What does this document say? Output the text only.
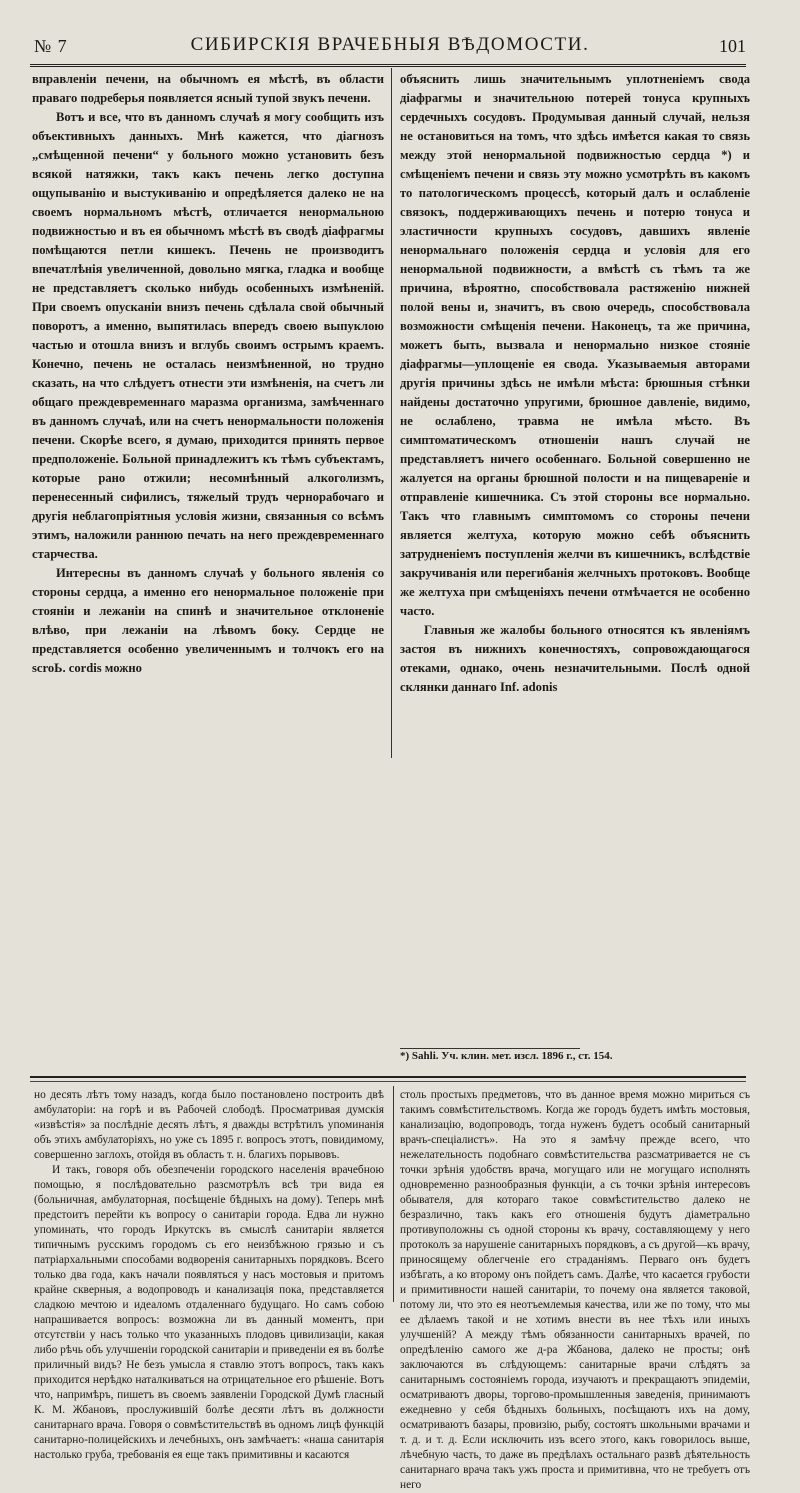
№ 7	СИБИРСКІЯ ВРАЧЕБНЫЯ ВѢДОМОСТИ.	101

вправленіи печени, на обычномъ ея мѣстѣ, въ области праваго подреберья появляется ясный тупой звукъ печени.

Вотъ и все, что въ данномъ случаѣ я могу сообщить изъ объективныхъ данныхъ. Мнѣ кажется, что діагнозъ „смѣщенной печени“ у больного можно установить безъ всякой натяжки, такъ какъ печень легко доступна ощупыванію и выстукиванію и опредѣляется далеко не на своемъ нормальномъ мѣстѣ, отличается ненормальною подвижностью и въ ея обычномъ мѣстѣ въ сводѣ діафрагмы помѣщаются петли кишекъ. Печень не производитъ впечатлѣнія увеличенной, довольно мягка, гладка и вообще не представляетъ сколько нибудь особенныхъ измѣненій. При своемъ опусканіи внизъ печень сдѣлала свой обычный поворотъ, а именно, выпятилась впередъ своею выпуклою частью и отошла внизъ и вглубь своимъ острымъ краемъ. Конечно, печень не осталась неизмѣненной, но трудно сказать, на что слѣдуетъ отнести эти измѣненія, на счетъ ли общаго преждевременнаго маразма организма, замѣченнаго въ данномъ случаѣ, или на счетъ ненормальности положенія печени. Скорѣе всего, я думаю, приходится принять первое предположеніе. Больной принадлежитъ къ тѣмъ субъектамъ, которые рано отжили; несомнѣнный алкоголизмъ, перенесенный сифилисъ, тяжелый трудъ чернорабочаго и другія неблагопріятныя условія жизни, связанныя со всѣмъ этимъ, наложили раннюю печать на него преждевременнаго старчества.

Интересны въ данномъ случаѣ у больного явленія со стороны сердца, а именно его ненормальное положеніе при стояніи и лежаніи на спинѣ и значительное отклоненіе влѣво, при лежаніи на лѣвомъ боку. Сердце не представляется особенно увеличеннымъ и толчокъ его на scroЬ. cordis можно

объяснить лишь значительнымъ уплотненіемъ свода діафрагмы и значительною потерей тонуса крупныхъ сердечныхъ сосудовъ. Продумывая данный случай, нельзя не остановиться на томъ, что здѣсь имѣется какая то связь между этой ненормальной подвижностью сердца *) и смѣщеніемъ печени и связь эту можно усмотрѣть въ какомъ то патологическомъ процессѣ, который далъ и ослабленіе связокъ, поддерживающихъ печень и потерю тонуса и эластичности крупныхъ сосудовъ, давшихъ явленіе ненормальнаго положенія сердца и условія для его ненормальной подвижности, а вмѣстѣ съ тѣмъ та же причина, вѣроятно, способствовала растяженію нижней полой вены и, значитъ, въ свою очередь, способствовала возможности смѣщенія печени. Наконецъ, та же причина, можетъ быть, вызвала и ненормально низкое стояніе діафрагмы—уплощеніе ея свода. Указываемыя авторами другія причины здѣсь не имѣли мѣста: брюшныя стѣнки найдены достаточно упругими, брюшное давленіе, видимо, не ослаблено, травма не имѣла мѣсто. Въ симптоматическомъ отношеніи нашъ случай не представляетъ ничего особеннаго. Больной совершенно не жалуется на органы брюшной полости и на пищевареніе и отправленіе кишечника. Съ этой стороны все нормально. Такъ что главнымъ симптомомъ со стороны печени является желтуха, которую можно себѣ объяснить затрудненіемъ поступленія желчи въ кишечникъ, вслѣдствіе закручиванія или перегибанія желчныхъ протоковъ. Вообще же желтуха при смѣщеніяхъ печени отмѣчается не особенно часто.

Главныя же жалобы больного относятся къ явленіямъ застоя въ нижнихъ конечностяхъ, сопровождающагося отеками, однако, очень незначительными. Послѣ одной склянки даннаго Inf. adonis

*) Sahli. Уч. клин. мет. изсл. 1896 г., ст. 154.

но десять лѣтъ тому назадъ, когда было постановлено построить двѣ амбулаторіи: на горѣ и въ Рабочей слободѣ. Просматривая думскія «извѣстія» за послѣдніе десять лѣтъ, я дважды встрѣтилъ упоминанія объ этихъ амбулаторіяхъ, но уже съ 1895 г. вопросъ этотъ, повидимому, совершенно заглохъ, отойдя въ область т. н. благихъ порывовъ.

И такъ, говоря объ обезпеченіи городского населенія врачебною помощью, я послѣдовательно разсмотрѣлъ всѣ три вида ея (больничная, амбулаторная, посѣщеніе бѣдныхъ на дому). Теперь мнѣ предстоитъ перейти къ вопросу о санитаріи города. Едва ли нужно упоминать, что городъ Иркутскъ въ смыслѣ санитаріи является типичнымъ русскимъ городомъ съ его неизбѣжною грязью и съ патріархальными способами водворенія санитарныхъ порядковъ. Всего только два года, какъ начали появляться у насъ мостовыя и притомъ крайне скверныя, а водопроводъ и канализація пока, представляется сладкою мечтою и идеаломъ отдаленнаго будущаго. Но самъ собою напрашивается вопросъ: возможна ли въ данный моментъ, при отсутствіи у насъ только что указанныхъ плодовъ цивилизаціи, какая либо рѣчь объ улучшеніи городской санитаріи и приведеніи ея въ болѣе приличный видъ? Не безъ умысла я ставлю этотъ вопросъ, такъ какъ приходится нерѣдко наталкиваться на отрицательное его рѣшеніе. Вотъ что, напримѣръ, пишетъ въ своемъ заявленіи Городской Думѣ гласный К. М. Жбановъ, прослужившій болѣе десяти лѣтъ въ должности санитарнаго врача. Говоря о совмѣстительствѣ въ одномъ лицѣ функцій санитарно-полицейскихъ и лечебныхъ, онъ замѣчаетъ: «наша санитарія настолько груба, требованія ея еще такъ примитивны и касаются

столь простыхъ предметовъ, что въ данное время можно мириться съ такимъ совмѣстительствомъ. Когда же городъ будетъ имѣть мостовыя, канализацію, водопроводъ, тогда нуженъ будетъ особый санитарный врачъ-спеціалистъ». На это я замѣчу прежде всего, что нежелательность подобнаго совмѣстительства разсматривается не съ точки зрѣнія удобствъ врача, могущаго или не могущаго исполнять одновременно разнообразныя функціи, а съ точки зрѣнія интересовъ обывателя, для котораго такое совмѣстительство далеко не безразлично, такъ какъ его отношенія будутъ діаметрально противуположны съ одной стороны къ врачу, составляющему у него протоколъ за нарушеніе санитарныхъ порядковъ, а съ другой—къ врачу, приносящему облегченіе его страданіямъ. Перваго онъ будетъ избѣгать, а ко второму онъ пойдетъ самъ. Далѣе, что касается грубости и примитивности нашей санитаріи, то почему она является таковой, потому ли, что это ея неотъемлемыя качества, или же по тому, что мы ее дѣлаемъ такой и не хотимъ внести въ нее тѣхъ или иныхъ улучшеній? А между тѣмъ обязанности санитарныхъ врачей, по опредѣленію самого же д-ра Жбанова, далеко не просты; онѣ заключаются въ слѣдующемъ: санитарные врачи слѣдятъ за санитарнымъ состояніемъ города, изучаютъ и прекращаютъ эпидеміи, осматриваютъ дворы, торгово-промышленныя заведенія, принимаютъ ежедневно у себя бѣдныхъ больныхъ, посѣщаютъ ихъ на дому, осматриваютъ базары, провизію, рыбу, состоятъ школьными врачами и т. д. и т. д. Если исключить изъ всего этого, какъ говорилось выше, лѣчебную часть, то даже въ предѣлахъ остальнаго развѣ дѣятельность санитарнаго врача такъ ужъ проста и примитивна, что не требуетъ отъ него
